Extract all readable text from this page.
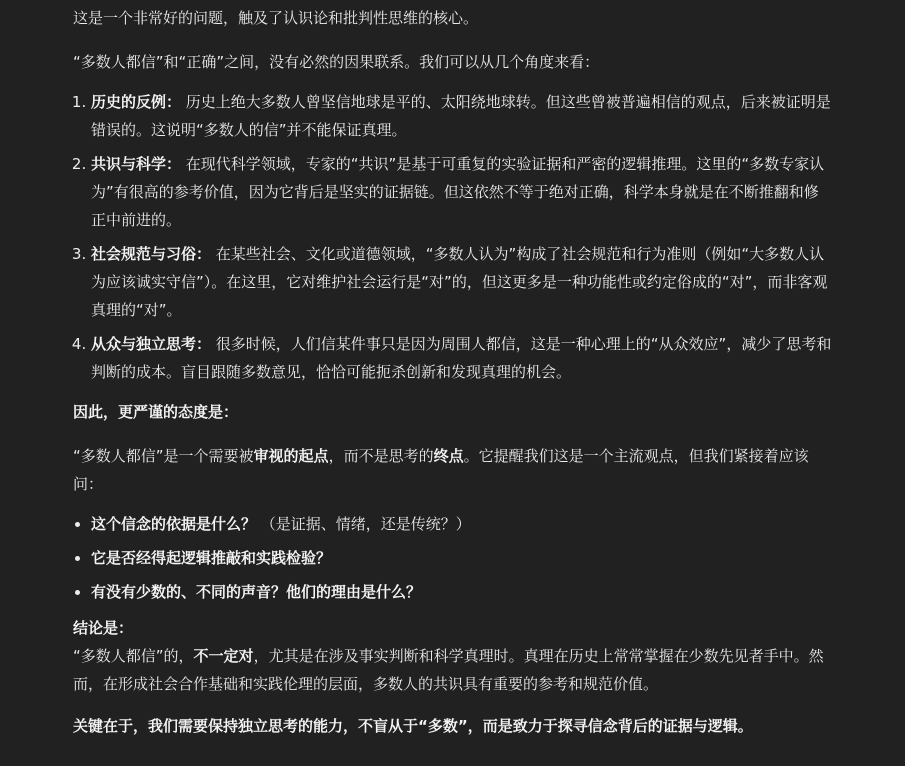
这是一个非常好的问题，触及了认识论和批判性思维的核心。

“多数人都信”和“正确”之间，没有必然的因果联系。我们可以从几个角度来看：

1. 历史的反例： 历史上绝大多数人曾坚信地球是平的、太阳绕地球转。但这些曾被普遍相信的观点，后来被证明是错误的。这说明“多数人的信”并不能保证真理。
2. 共识与科学： 在现代科学领域，专家的“共识”是基于可重复的实验证据和严密的逻辑推理。这里的“多数专家认为”有很高的参考价值，因为它背后是坚实的证据链。但这依然不等于绝对正确，科学本身就是在不断推翻和修正中前进的。
3. 社会规范与习俗： 在某些社会、文化或道德领域，“多数人认为”构成了社会规范和行为准则（例如“大多数人认为应该诚实守信”）。在这里，它对维护社会运行是“对”的，但这更多是一种功能性或约定俗成的“对”，而非客观真理的“对”。
4. 从众与独立思考： 很多时候，人们信某件事只是因为周围人都信，这是一种心理上的“从众效应”，减少了思考和判断的成本。盲目跟随多数意见，恰恰可能扼杀创新和发现真理的机会。

因此，更严谨的态度是：

“多数人都信”是一个需要被审视的起点，而不是思考的终点。它提醒我们这是一个主流观点，但我们紧接着应该问：

• 这个信念的依据是什么？ （是证据、情绪，还是传统？）
• 它是否经得起逻辑推敲和实践检验？
• 有没有少数的、不同的声音？他们的理由是什么？

结论是：

“多数人都信”的，不一定对，尤其是在涉及事实判断和科学真理时。真理在历史上常常掌握在少数先见者手中。然而，在形成社会合作基础和实践伦理的层面，多数人的共识具有重要的参考和规范价值。

关键在于，我们需要保持独立思考的能力，不盲从于“多数”，而是致力于探寻信念背后的证据与逻辑。
